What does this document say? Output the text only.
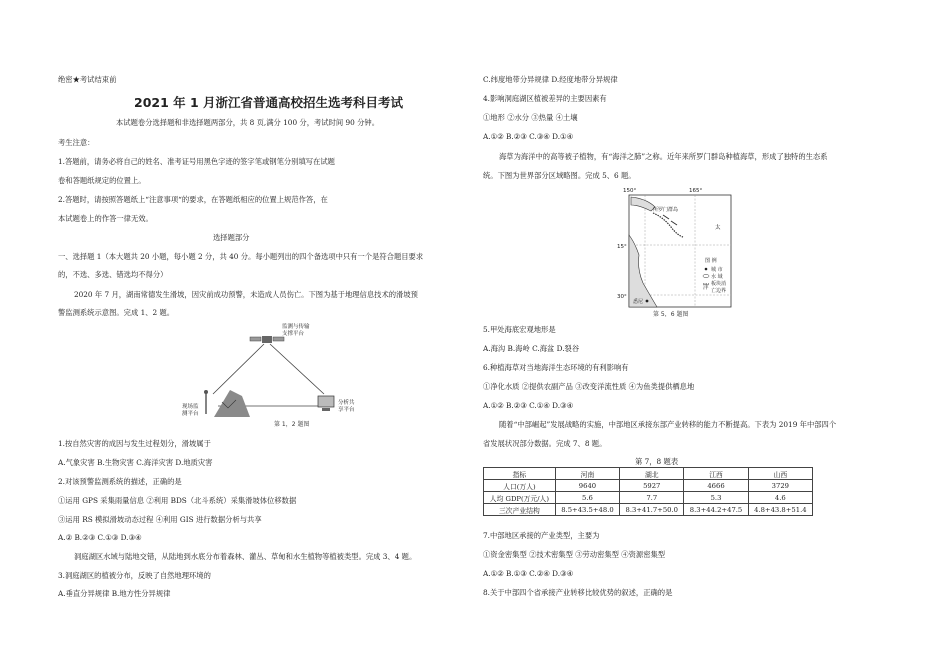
绝密★考试结束前
2021 年 1 月浙江省普通高校招生选考科目考试
本试题卷分选择题和非选择题两部分，共 8 页,满分 100 分，考试时间 90 分钟。
考生注意：
1.答题前，请务必将自己的姓名、准考证号用黑色字迹的签字笔或钢笔分别填写在试题
卷和答题纸规定的位置上。
2.答题时，请按照答题纸上“注意事项“的要求，在答题纸相应的位置上规范作答，在
本试题卷上的作答一律无效。
选择题部分
一、选择题 1（本大题共 20 小题，每小题 2 分，共 40 分。每小题列出的四个备选项中只有一个是符合题目要求
的，不选、多选、错选均不得分）
2020 年 7 月，湖南常德发生滑坡，因灾前成功预警，未造成人员伤亡。下图为基于地理信息技术的滑坡预
警监测系统示意图。完成 1、2 题。
监测与传输
支撑平台
现场监
测平台
分析共
享平台
第 1，2 题图
1.按自然灾害的成因与发生过程划分，滑坡属于
A.气象灾害 B.生物灾害 C.海洋灾害 D.地质灾害
2.对该预警监测系统的描述，正确的是
①运用 GPS 采集雨量信息 ②利用 BDS（北斗系统）采集滑坡体位移数据
③运用 RS 模拟滑坡动态过程 ④利用 GIS 进行数据分析与共享
A.② B.②③ C.①③ D.③④
洞庭湖区水域与陆地交错，从陆地到水底分布着森林、灌丛、草甸和水生植物等植被类型。完成 3、4 题。
3.洞庭湖区的植被分布，反映了自然地理环境的
A.垂直分异规律 B.地方性分异规律
C.纬度地带分异规律 D.经度地带分异规律
4.影响洞庭湖区植被差异的主要因素有
①地形 ②水分 ③热量 ④土壤
A.①② B.②③ C.③④ D.①④
海草为海洋中的高等被子植物，有“海洋之肺”之称。近年来所罗门群岛种植海草，形成了独特的生态系
统。下图为世界部分区域略图。完成 5、6 题。
150°	165°
15°
30°
所罗门群岛
太
洋
悉尼
图 例
城 市
水 域
板块消
亡边界
第 5，6 题图
5.甲处海底宏观地形是
A.海沟 B.海岭 C.海盆 D.裂谷
6.种植海草对当地海洋生态环境的有利影响有
①净化水质 ②提供农副产品 ③改变洋流性质 ④为鱼类提供栖息地
A.①② B.②③ C.①④ D.③④
随着“中部崛起”发展战略的实施，中部地区承接东部产业转移的能力不断提高。下表为 2019 年中部四个
省发展状况部分数据。完成 7、8 题。
第 7，8 题表
指标	河南	湖北	江西	山西
人口(万人)	9640	5927	4666	3729
人均 GDP(万元/人)	5.6	7.7	5.3	4.6
三次产业结构	8.5+43.5+48.0	8.3+41.7+50.0	8.3+44.2+47.5	4.8+43.8+51.4
7.中部地区承接的产业类型，主要为
①资金密集型 ②技术密集型 ③劳动密集型 ④资源密集型
A.①② B.①③ C.②④ D.③④
8.关于中部四个省承接产业转移比较优势的叙述，正确的是
